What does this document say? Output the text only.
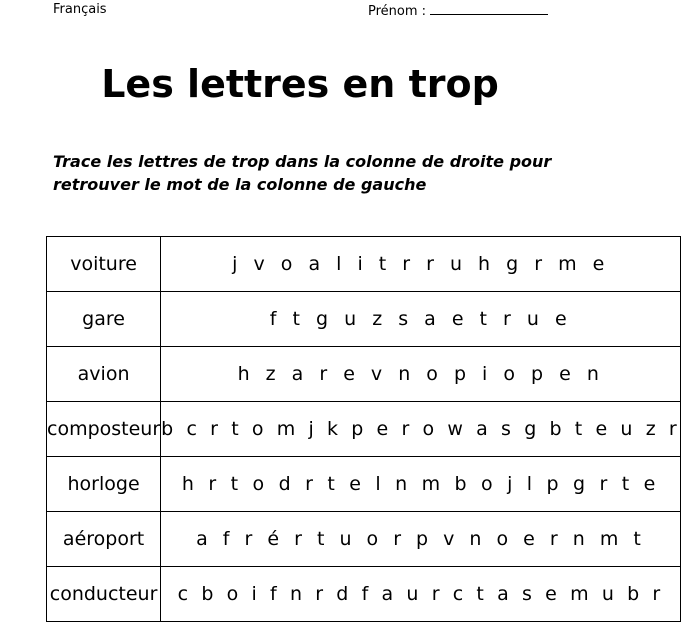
Français	Prénom :
Les lettres en trop
Trace les lettres de trop dans la colonne de droite pour retrouver le mot de la colonne de gauche
voiture	j v o a l i t r r u h g r m e
gare	f t g u z s a e t r u e
avion	h z a r e v n o p i o p e n
composteur	b c r t o m j k p e r o w a s g b t e u z r
horloge	h r t o d r t e l n m b o j l p g r t e
aéroport	a f r é r t u o r p v n o e r n m t
conducteur	c b o i f n r d f a u r c t a s e m u b r
